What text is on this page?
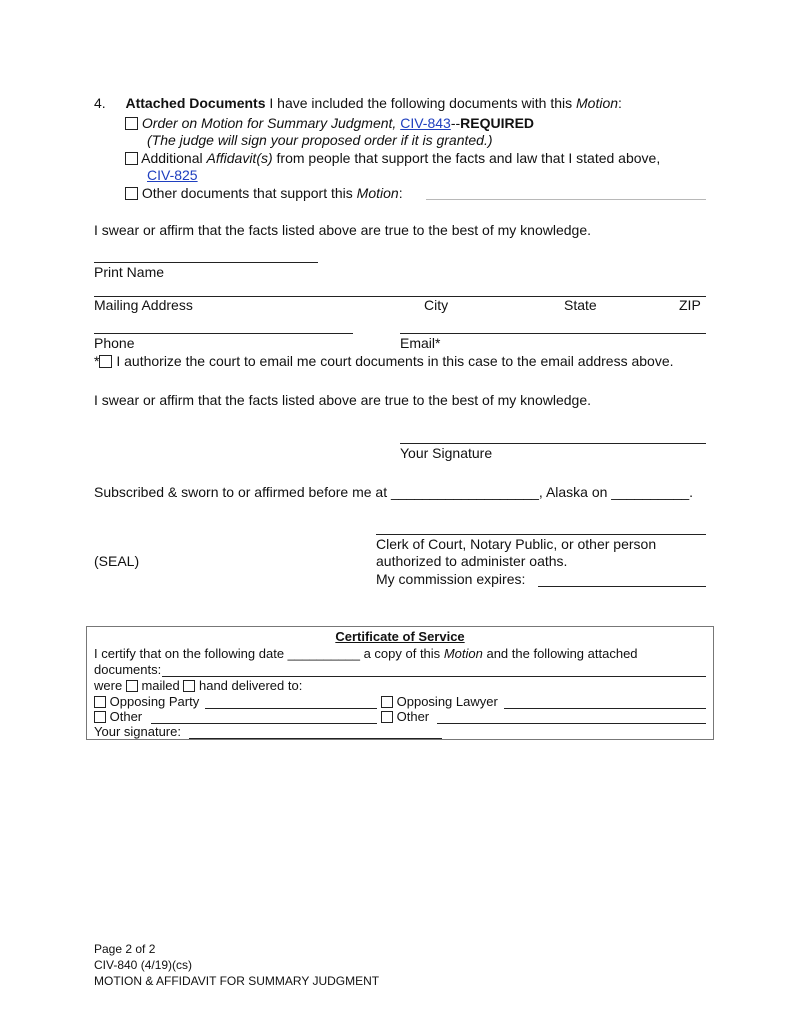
4. Attached Documents I have included the following documents with this Motion:
Order on Motion for Summary Judgment, CIV-843--REQUIRED
(The judge will sign your proposed order if it is granted.)
Additional Affidavit(s) from people that support the facts and law that I stated above,
CIV-825
Other documents that support this Motion:
I swear or affirm that the facts listed above are true to the best of my knowledge.
Print Name
Mailing Address	City	State	ZIP
Phone	Email*
* I authorize the court to email me court documents in this case to the email address above.
I swear or affirm that the facts listed above are true to the best of my knowledge.
Your Signature
Subscribed & sworn to or affirmed before me at ___________________, Alaska on __________.
Clerk of Court, Notary Public, or other person
(SEAL)	authorized to administer oaths.
My commission expires:
Certificate of Service
I certify that on the following date __________ a copy of this Motion and the following attached
documents:
were mailed hand delivered to:
Opposing Party	Opposing Lawyer
Other	Other
Your signature:
Page 2 of 2
CIV-840 (4/19)(cs)
MOTION & AFFIDAVIT FOR SUMMARY JUDGMENT
